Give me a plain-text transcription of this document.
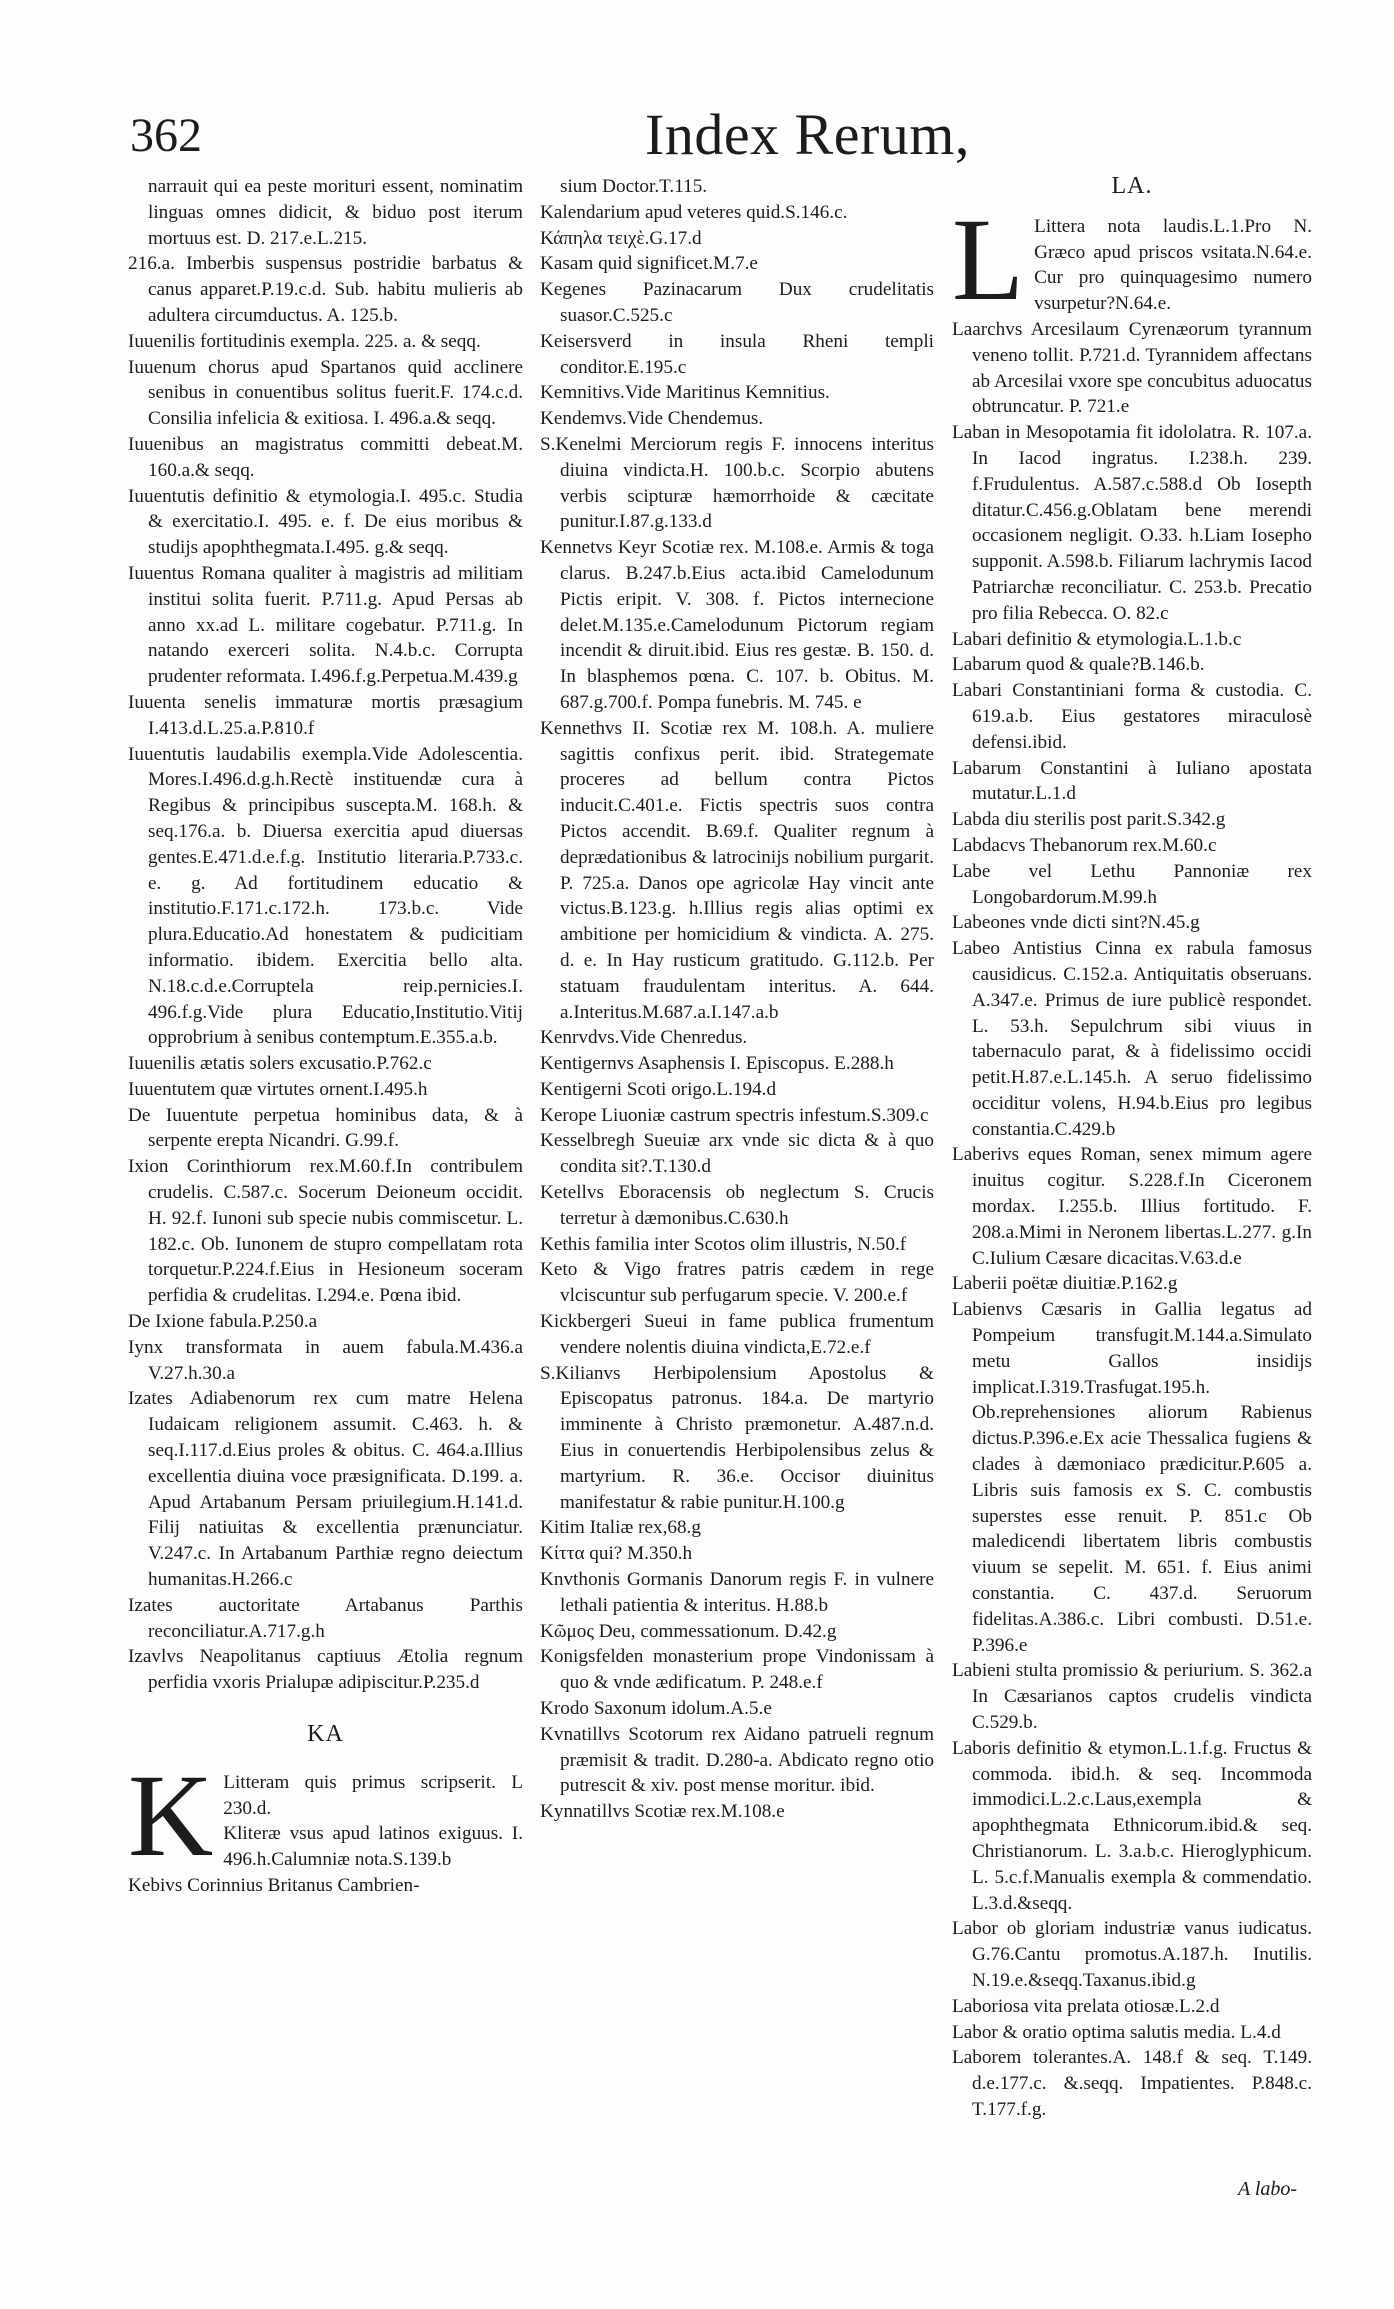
362	Index Rerum,
narrauit qui ea peste morituri essent, nominatim linguas omnes didicit, & biduo post iterum mortuus est. D. 217.e.L.215.
216.a. Imberbis suspensus postridie barbatus & canus apparet.P.19.c.d. Sub. habitu mulieris ab adultera circumductus. A. 125.b.
Iuuenilis fortitudinis exempla. 225. a. & seqq.
Iuuenum chorus apud Spartanos quid acclinere senibus in conuentibus solitus fuerit.F. 174.c.d. Consilia infelicia & exitiosa. I. 496.a.& seqq.
Iuuenibus an magistratus committi debeat.M. 160.a.& seqq.
Iuuentutis definitio & etymologia.I. 495.c. Studia & exercitatio.I. 495. e. f. De eius moribus & studijs apophthegmata.I.495. g.& seqq.
Iuuentus Romana qualiter à magistris ad militiam institui solita fuerit. P.711.g. Apud Persas ab anno xx.ad L. militare cogebatur. P.711.g. In natando exerceri solita. N.4.b.c. Corrupta prudenter reformata. I.496.f.g.Perpetua.M.439.g
Iuuenta senelis immaturæ mortis præsagium I.413.d.L.25.a.P.810.f
Iuuentutis laudabilis exempla.Vide Adolescentia. Mores.I.496.d.g.h.Rectè instituendæ cura à Regibus & principibus suscepta.M. 168.h. & seq.176.a. b. Diuersa exercitia apud diuersas gentes.E.471.d.e.f.g. Institutio literaria.P.733.c. e. g. Ad fortitudinem educatio & institutio.F.171.c.172.h. 173.b.c. Vide plura.Educatio.Ad honestatem & pudicitiam informatio. ibidem. Exercitia bello alta. N.18.c.d.e.Corruptela reip.pernicies.I. 496.f.g.Vide plura Educatio,Institutio.Vitij opprobrium à senibus contemptum.E.355.a.b.
Iuuenilis ætatis solers excusatio.P.762.c
Iuuentutem quæ virtutes ornent.I.495.h
De Iuuentute perpetua hominibus data, & à serpente erepta Nicandri. G.99.f.
Ixion Corinthiorum rex.M.60.f.In contribulem crudelis. C.587.c. Socerum Deioneum occidit. H. 92.f. Iunoni sub specie nubis commiscetur. L. 182.c. Ob. Iunonem de stupro compellatam rota torquetur.P.224.f.Eius in Hesioneum soceram perfidia & crudelitas. I.294.e. Pœna ibid.
De Ixione fabula.P.250.a
Iynx transformata in auem fabula.M.436.a V.27.h.30.a
Izates Adiabenorum rex cum matre Helena Iudaicam religionem assumit. C.463. h. & seq.I.117.d.Eius proles & obitus. C. 464.a.Illius excellentia diuina voce præsignificata. D.199. a. Apud Artabanum Persam priuilegium.H.141.d. Filij natiuitas & excellentia prænunciatur. V.247.c. In Artabanum Parthiæ regno deiectum humanitas.H.266.c
Izates auctoritate Artabanus Parthis reconciliatur.A.717.g.h
Izavlvs Neapolitanus captiuus Ætolia regnum perfidia vxoris Prialupæ adipiscitur.P.235.d
KA
K Litteram quis primus scripserit. L 230.d.
Kliteræ vsus apud latinos exiguus. I. 496.h.Calumniæ nota.S.139.b
Kebivs Corinnius Britanus Cambrien-
sium Doctor.T.115.
Kalendarium apud veteres quid.S.146.c.
Κάπηλα τειχὲ.G.17.d
Kasam quid significet.M.7.e
Kegenes Pazinacarum Dux crudelitatis suasor.C.525.c
Keisersverd in insula Rheni templi conditor.E.195.c
Kemnitivs.Vide Maritinus Kemnitius.
Kendemvs.Vide Chendemus.
S.Kenelmi Merciorum regis F. innocens interitus diuina vindicta.H. 100.b.c. Scorpio abutens verbis scipturæ hæmorrhoide & cæcitate punitur.I.87.g.133.d
Kennetvs Keyr Scotiæ rex. M.108.e. Armis & toga clarus. B.247.b.Eius acta.ibid Camelodunum Pictis eripit. V. 308. f. Pictos internecione delet.M.135.e.Camelodunum Pictorum regiam incendit & diruit.ibid. Eius res gestæ. B. 150. d. In blasphemos pœna. C. 107. b. Obitus. M. 687.g.700.f. Pompa funebris. M. 745. e
Kennethvs II. Scotiæ rex M. 108.h. A. muliere sagittis confixus perit. ibid. Strategemate proceres ad bellum contra Pictos inducit.C.401.e. Fictis spectris suos contra Pictos accendit. B.69.f. Qualiter regnum à deprædationibus & latrocinijs nobilium purgarit. P. 725.a. Danos ope agricolæ Hay vincit ante victus.B.123.g. h.Illius regis alias optimi ex ambitione per homicidium & vindicta. A. 275. d. e. In Hay rusticum gratitudo. G.112.b. Per statuam fraudulentam interitus. A. 644. a.Interitus.M.687.a.I.147.a.b
Kenrvdvs.Vide Chenredus.
Kentigernvs Asaphensis I. Episcopus. E.288.h
Kentigerni Scoti origo.L.194.d
Kerope Liuoniæ castrum spectris infestum.S.309.c
Kesselbregh Sueuiæ arx vnde sic dicta & à quo condita sit?.T.130.d
Ketellvs Eboracensis ob neglectum S. Crucis terretur à dæmonibus.C.630.h
Kethis familia inter Scotos olim illustris, N.50.f
Keto & Vigo fratres patris cædem in rege vlciscuntur sub perfugarum specie. V. 200.e.f
Kickbergeri Sueui in fame publica frumentum vendere nolentis diuina vindicta,E.72.e.f
S.Kilianvs Herbipolensium Apostolus & Episcopatus patronus. 184.a. De martyrio imminente à Christo præmonetur. A.487.n.d. Eius in conuertendis Herbipolensibus zelus & martyrium. R. 36.e. Occisor diuinitus manifestatur & rabie punitur.H.100.g
Kitim Italiæ rex,68.g
Κίττα qui? M.350.h
Knvthonis Gormanis Danorum regis F. in vulnere lethali patientia & interitus. H.88.b
Κῶμος Deu, commessationum. D.42.g
Konigsfelden monasterium prope Vindonissam à quo & vnde ædificatum. P. 248.e.f
Krodo Saxonum idolum.A.5.e
Kvnatillvs Scotorum rex Aidano patrueli regnum præmisit & tradit. D.280-a. Abdicato regno otio putrescit & xiv. post mense moritur. ibid.
Kynnatillvs Scotiæ rex.M.108.e
LA.
L Littera nota laudis.L.1.Pro N. Græco apud priscos vsitata.N.64.e. Cur pro quinquagesimo numero vsurpetur?N.64.e.
Laarchvs Arcesilaum Cyrenæorum tyrannum veneno tollit. P.721.d. Tyrannidem affectans ab Arcesilai vxore spe concubitus aduocatus obtruncatur. P. 721.e
Laban in Mesopotamia fit idololatra. R. 107.a. In Iacod ingratus. I.238.h. 239. f.Frudulentus. A.587.c.588.d Ob Iosepth ditatur.C.456.g.Oblatam bene merendi occasionem negligit. O.33. h.Liam Iosepho supponit. A.598.b. Filiarum lachrymis Iacod Patriarchæ reconciliatur. C. 253.b. Precatio pro filia Rebecca. O. 82.c
Labari definitio & etymologia.L.1.b.c
Labarum quod & quale?B.146.b.
Labari Constantiniani forma & custodia. C. 619.a.b. Eius gestatores miraculosè defensi.ibid.
Labarum Constantini à Iuliano apostata mutatur.L.1.d
Labda diu sterilis post parit.S.342.g
Labdacvs Thebanorum rex.M.60.c
Labe vel Lethu Pannoniæ rex Longobardorum.M.99.h
Labeones vnde dicti sint?N.45.g
Labeo Antistius Cinna ex rabula famosus causidicus. C.152.a. Antiquitatis obseruans. A.347.e. Primus de iure publicè respondet. L. 53.h. Sepulchrum sibi viuus in tabernaculo parat, & à fidelissimo occidi petit.H.87.e.L.145.h. A seruo fidelissimo occiditur volens, H.94.b.Eius pro legibus constantia.C.429.b
Laberivs eques Roman, senex mimum agere inuitus cogitur. S.228.f.In Ciceronem mordax. I.255.b. Illius fortitudo. F. 208.a.Mimi in Neronem libertas.L.277. g.In C.Iulium Cæsare dicacitas.V.63.d.e
Laberii poëtæ diuitiæ.P.162.g
Labienvs Cæsaris in Gallia legatus ad Pompeium transfugit.M.144.a.Simulato metu Gallos insidijs implicat.I.319.Trasfugat.195.h. Ob.reprehensiones aliorum Rabienus dictus.P.396.e.Ex acie Thessalica fugiens & clades à dæmoniaco prædicitur.P.605 a. Libris suis famosis ex S. C. combustis superstes esse renuit. P. 851.c Ob maledicendi libertatem libris combustis viuum se sepelit. M. 651. f. Eius animi constantia. C. 437.d. Seruorum fidelitas.A.386.c. Libri combusti. D.51.e. P.396.e
Labieni stulta promissio & periurium. S. 362.a In Cæsarianos captos crudelis vindicta C.529.b.
Laboris definitio & etymon.L.1.f.g. Fructus & commoda. ibid.h. & seq. Incommoda immodici.L.2.c.Laus,exempla & apophthegmata Ethnicorum.ibid.& seq. Christianorum. L. 3.a.b.c. Hieroglyphicum. L. 5.c.f.Manualis exempla & commendatio. L.3.d.&seqq.
Labor ob gloriam industriæ vanus iudicatus. G.76.Cantu promotus.A.187.h. Inutilis. N.19.e.&seqq.Taxanus.ibid.g
Laboriosa vita prelata otiosæ.L.2.d
Labor & oratio optima salutis media. L.4.d
Laborem tolerantes.A. 148.f & seq. T.149. d.e.177.c. &.seqq. Impatientes. P.848.c. T.177.f.g.
A labo-
